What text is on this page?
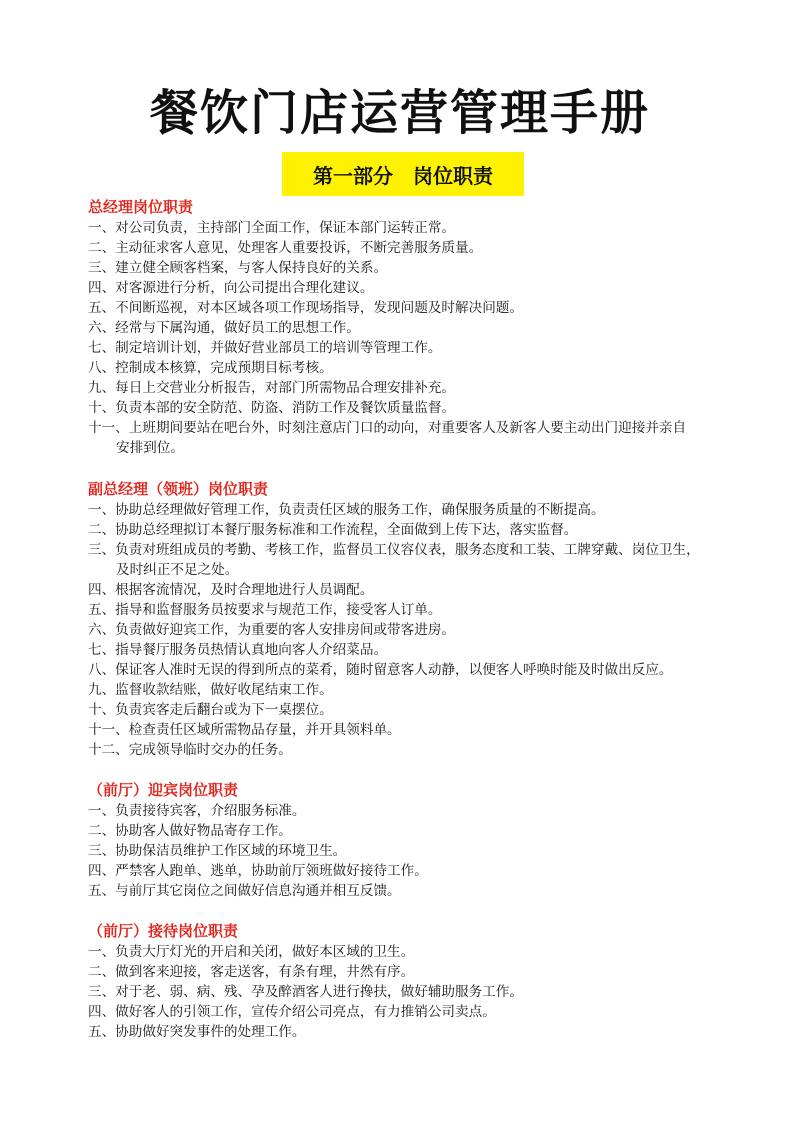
餐饮门店运营管理手册
第一部分　岗位职责
总经理岗位职责
一、对公司负责，主持部门全面工作，保证本部门运转正常。
二、主动征求客人意见，处理客人重要投诉，不断完善服务质量。
三、建立健全顾客档案，与客人保持良好的关系。
四、对客源进行分析，向公司提出合理化建议。
五、不间断巡视，对本区域各项工作现场指导，发现问题及时解决问题。
六、经常与下属沟通，做好员工的思想工作。
七、制定培训计划，并做好营业部员工的培训等管理工作。
八、控制成本核算，完成预期目标考核。
九、每日上交营业分析报告，对部门所需物品合理安排补充。
十、负责本部的安全防范、防盗、消防工作及餐饮质量监督。
十一、上班期间要站在吧台外，时刻注意店门口的动向，对重要客人及新客人要主动出门迎接并亲自
安排到位。
副总经理（领班）岗位职责
一、协助总经理做好管理工作，负责责任区域的服务工作，确保服务质量的不断提高。
二、协助总经理拟订本餐厅服务标准和工作流程，全面做到上传下达，落实监督。
三、负责对班组成员的考勤、考核工作，监督员工仪容仪表，服务态度和工装、工牌穿戴、岗位卫生，
及时纠正不足之处。
四、根据客流情况，及时合理地进行人员调配。
五、指导和监督服务员按要求与规范工作，接受客人订单。
六、负责做好迎宾工作，为重要的客人安排房间或带客进房。
七、指导餐厅服务员热情认真地向客人介绍菜品。
八、保证客人准时无误的得到所点的菜肴，随时留意客人动静，以便客人呼唤时能及时做出反应。
九、监督收款结账，做好收尾结束工作。
十、负责宾客走后翻台或为下一桌摆位。
十一、检查责任区域所需物品存量，并开具领料单。
十二、完成领导临时交办的任务。
（前厅）迎宾岗位职责
一、负责接待宾客，介绍服务标准。
二、协助客人做好物品寄存工作。
三、协助保洁员维护工作区域的环境卫生。
四、严禁客人跑单、逃单，协助前厅领班做好接待工作。
五、与前厅其它岗位之间做好信息沟通并相互反馈。
（前厅）接待岗位职责
一、负责大厅灯光的开启和关闭，做好本区域的卫生。
二、做到客来迎接，客走送客，有条有理，井然有序。
三、对于老、弱、病、残、孕及醉酒客人进行搀扶，做好辅助服务工作。
四、做好客人的引领工作，宣传介绍公司亮点，有力推销公司卖点。
五、协助做好突发事件的处理工作。
